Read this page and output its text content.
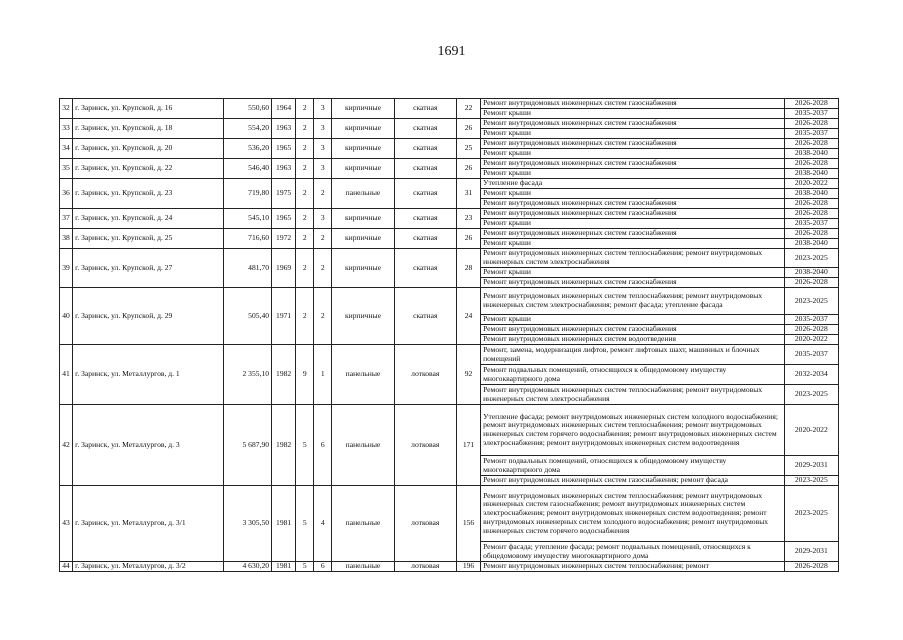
1691
32	г. Заринск, ул. Крупской, д. 16	550,60	1964	2	3	кирпичные	скатная	22	Ремонт внутридомовых инженерных систем газоснабжения	2026-2028
									Ремонт крыши	2035-2037
33	г. Заринск, ул. Крупской, д. 18	554,20	1963	2	3	кирпичные	скатная	26	Ремонт внутридомовых инженерных систем газоснабжения	2026-2028
									Ремонт крыши	2035-2037
34	г. Заринск, ул. Крупской, д. 20	536,20	1965	2	3	кирпичные	скатная	25	Ремонт внутридомовых инженерных систем газоснабжения	2026-2028
									Ремонт крыши	2038-2040
35	г. Заринск, ул. Крупской, д. 22	546,40	1963	2	3	кирпичные	скатная	26	Ремонт внутридомовых инженерных систем газоснабжения	2026-2028
									Ремонт крыши	2038-2040
36	г. Заринск, ул. Крупской, д. 23	719,80	1975	2	2	панельные	скатная	31	Утепление фасада	2020-2022
									Ремонт крыши	2038-2040
									Ремонт внутридомовых инженерных систем газоснабжения	2026-2028
37	г. Заринск, ул. Крупской, д. 24	545,10	1965	2	3	кирпичные	скатная	23	Ремонт внутридомовых инженерных систем газоснабжения	2026-2028
									Ремонт крыши	2035-2037
38	г. Заринск, ул. Крупской, д. 25	716,60	1972	2	2	кирпичные	скатная	26	Ремонт внутридомовых инженерных систем газоснабжения	2026-2028
									Ремонт крыши	2038-2040
39	г. Заринск, ул. Крупской, д. 27	481,70	1969	2	2	кирпичные	скатная	28	Ремонт внутридомовых инженерных систем теплоснабжения; ремонт внутридомовых инженерных систем электроснабжения	2023-2025
									Ремонт крыши	2038-2040
									Ремонт внутридомовых инженерных систем газоснабжения	2026-2028
40	г. Заринск, ул. Крупской, д. 29	505,40	1971	2	2	кирпичные	скатная	24	Ремонт внутридомовых инженерных систем теплоснабжения; ремонт внутридомовых инженерных систем электроснабжения; ремонт фасада; утепление фасада	2023-2025
									Ремонт крыши	2035-2037
									Ремонт внутридомовых инженерных систем газоснабжения	2026-2028
									Ремонт внутридомовых инженерных систем водоотведения	2020-2022
41	г. Заринск, ул. Металлургов, д. 1	2 355,10	1982	9	1	панельные	лотковая	92	Ремонт, замена, модернизация лифтов, ремонт лифтовых шахт, машинных и блочных помещений	2035-2037
									Ремонт подвальных помещений, относящихся к общедомовому имуществу многоквартирного дома	2032-2034
									Ремонт внутридомовых инженерных систем теплоснабжения; ремонт внутридомовых инженерных систем электроснабжения	2023-2025
42	г. Заринск, ул. Металлургов, д. 3	5 687,90	1982	5	6	панельные	лотковая	171	Утепление фасада; ремонт внутридомовых инженерных систем холодного водоснабжения; ремонт внутридомовых инженерных систем теплоснабжения; ремонт внутридомовых инженерных систем горячего водоснабжения; ремонт внутридомовых инженерных систем электроснабжения; ремонт внутридомовых инженерных систем водоотведения	2020-2022
									Ремонт подвальных помещений, относящихся к общедомовому имуществу многоквартирного дома	2029-2031
									Ремонт внутридомовых инженерных систем газоснабжения; ремонт фасада	2023-2025
43	г. Заринск, ул. Металлургов, д. 3/1	3 305,50	1981	5	4	панельные	лотковая	156	Ремонт внутридомовых инженерных систем теплоснабжения; ремонт внутридомовых инженерных систем газоснабжения; ремонт внутридомовых инженерных систем электроснабжения; ремонт внутридомовых инженерных систем водоотведения; ремонт внутридомовых инженерных систем холодного водоснабжения; ремонт внутридомовых инженерных систем горячего водоснабжения	2023-2025
									Ремонт фасада; утепление фасада; ремонт подвальных помещений, относящихся к общедомовому имуществу многоквартирного дома	2029-2031
44	г. Заринск, ул. Металлургов, д. 3/2	4 630,20	1981	5	6	панельные	лотковая	196	Ремонт внутридомовых инженерных систем теплоснабжения; ремонт	2026-2028
